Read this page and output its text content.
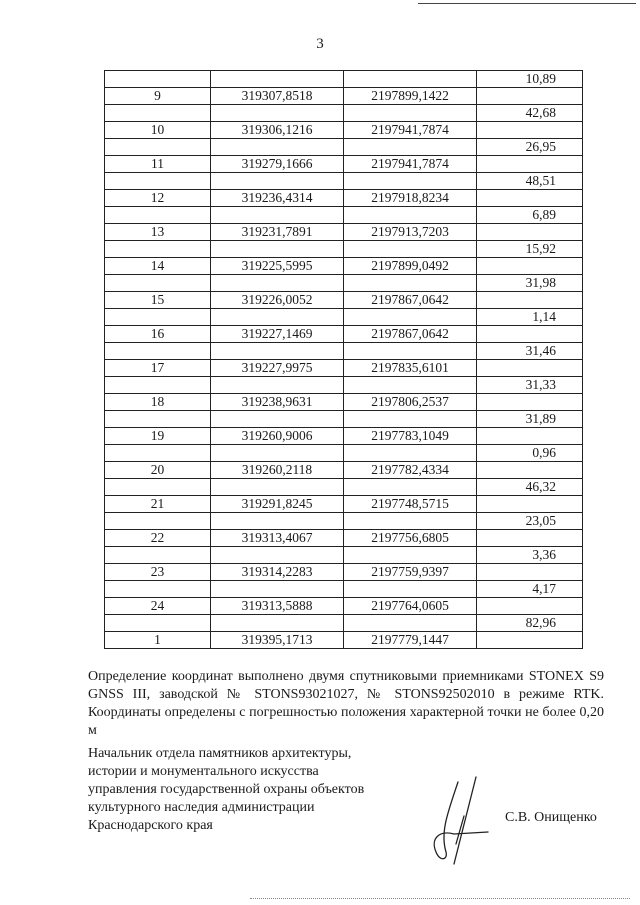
3
			10,89
9	319307,8518	2197899,1422	
			42,68
10	319306,1216	2197941,7874	
			26,95
11	319279,1666	2197941,7874	
			48,51
12	319236,4314	2197918,8234	
			6,89
13	319231,7891	2197913,7203	
			15,92
14	319225,5995	2197899,0492	
			31,98
15	319226,0052	2197867,0642	
			1,14
16	319227,1469	2197867,0642	
			31,46
17	319227,9975	2197835,6101	
			31,33
18	319238,9631	2197806,2537	
			31,89
19	319260,9006	2197783,1049	
			0,96
20	319260,2118	2197782,4334	
			46,32
21	319291,8245	2197748,5715	
			23,05
22	319313,4067	2197756,6805	
			3,36
23	319314,2283	2197759,9397	
			4,17
24	319313,5888	2197764,0605	
			82,96
1	319395,1713	2197779,1447	

Определение координат выполнено двумя спутниковыми приемниками STONEX S9 GNSS III, заводской № STONS93021027, № STONS92502010 в режиме RTK. Координаты определены с погрешностью положения характерной точки не более 0,20 м

Начальник отдела памятников архитектуры,
истории и монументального искусства
управления государственной охраны объектов
культурного наследия администрации
Краснодарского края
С.В. Онищенко
